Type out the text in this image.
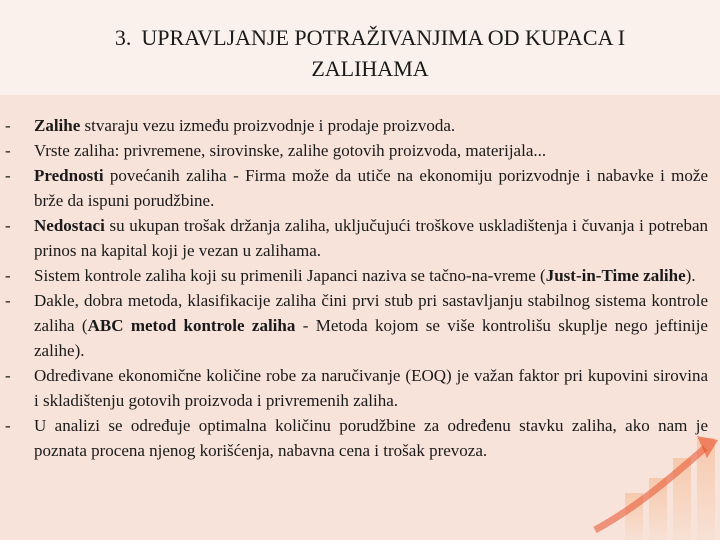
3. UPRAVLJANJE POTRAŽIVANJIMA OD KUPACA I
ZALIHAMA
- Zalihe stvaraju vezu između proizvodnje i prodaje proizvoda.
- Vrste zaliha: privremene, sirovinske, zalihe gotovih proizvoda, materijala...
- Prednosti povećanih zaliha - Firma može da utiče na ekonomiju porizvodnje i nabavke i može brže da ispuni porudžbine.
- Nedostaci su ukupan trošak držanja zaliha, uključujući troškove uskladištenja i čuvanja i potreban prinos na kapital koji je vezan u zalihama.
- Sistem kontrole zaliha koji su primenili Japanci naziva se tačno-na-vreme (Just-in-Time zalihe).
- Dakle, dobra metoda, klasifikacije zaliha čini prvi stub pri sastavljanju stabilnog sistema kontrole zaliha (ABC metod kontrole zaliha - Metoda kojom se više kontrolišu skuplje nego jeftinije zalihe).
- Određivane ekonomične količine robe za naručivanje (EOQ) je važan faktor pri kupovini sirovina i skladištenju gotovih proizvoda i privremenih zaliha.
- U analizi se određuje optimalna količinu porudžbine za određenu stavku zaliha, ako nam je poznata procena njenog korišćenja, nabavna cena i trošak prevoza.
